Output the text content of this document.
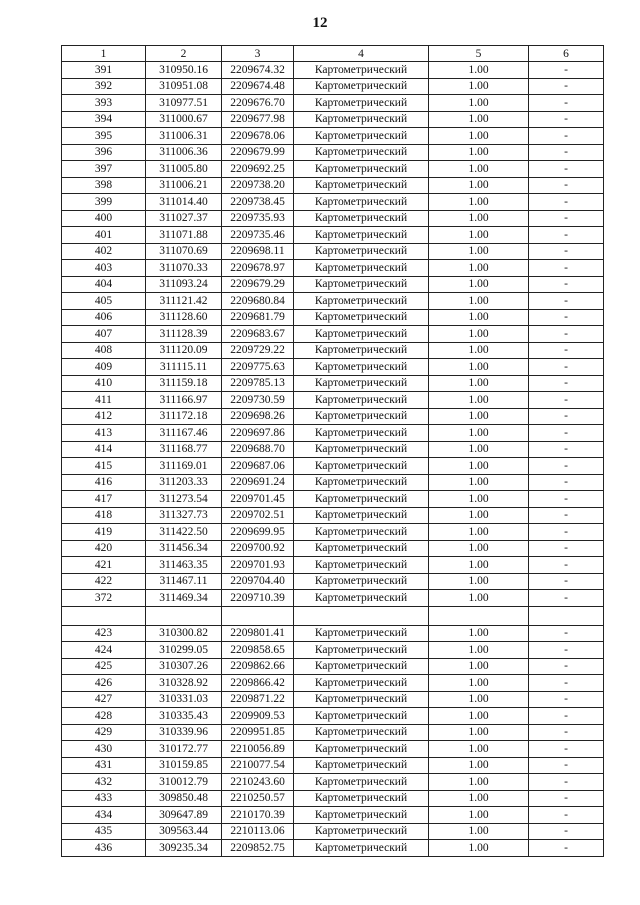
12
1	2	3	4	5	6
391	310950.16	2209674.32	Картометрический	1.00	-
392	310951.08	2209674.48	Картометрический	1.00	-
393	310977.51	2209676.70	Картометрический	1.00	-
394	311000.67	2209677.98	Картометрический	1.00	-
395	311006.31	2209678.06	Картометрический	1.00	-
396	311006.36	2209679.99	Картометрический	1.00	-
397	311005.80	2209692.25	Картометрический	1.00	-
398	311006.21	2209738.20	Картометрический	1.00	-
399	311014.40	2209738.45	Картометрический	1.00	-
400	311027.37	2209735.93	Картометрический	1.00	-
401	311071.88	2209735.46	Картометрический	1.00	-
402	311070.69	2209698.11	Картометрический	1.00	-
403	311070.33	2209678.97	Картометрический	1.00	-
404	311093.24	2209679.29	Картометрический	1.00	-
405	311121.42	2209680.84	Картометрический	1.00	-
406	311128.60	2209681.79	Картометрический	1.00	-
407	311128.39	2209683.67	Картометрический	1.00	-
408	311120.09	2209729.22	Картометрический	1.00	-
409	311115.11	2209775.63	Картометрический	1.00	-
410	311159.18	2209785.13	Картометрический	1.00	-
411	311166.97	2209730.59	Картометрический	1.00	-
412	311172.18	2209698.26	Картометрический	1.00	-
413	311167.46	2209697.86	Картометрический	1.00	-
414	311168.77	2209688.70	Картометрический	1.00	-
415	311169.01	2209687.06	Картометрический	1.00	-
416	311203.33	2209691.24	Картометрический	1.00	-
417	311273.54	2209701.45	Картометрический	1.00	-
418	311327.73	2209702.51	Картометрический	1.00	-
419	311422.50	2209699.95	Картометрический	1.00	-
420	311456.34	2209700.92	Картометрический	1.00	-
421	311463.35	2209701.93	Картометрический	1.00	-
422	311467.11	2209704.40	Картометрический	1.00	-
372	311469.34	2209710.39	Картометрический	1.00	-

423	310300.82	2209801.41	Картометрический	1.00	-
424	310299.05	2209858.65	Картометрический	1.00	-
425	310307.26	2209862.66	Картометрический	1.00	-
426	310328.92	2209866.42	Картометрический	1.00	-
427	310331.03	2209871.22	Картометрический	1.00	-
428	310335.43	2209909.53	Картометрический	1.00	-
429	310339.96	2209951.85	Картометрический	1.00	-
430	310172.77	2210056.89	Картометрический	1.00	-
431	310159.85	2210077.54	Картометрический	1.00	-
432	310012.79	2210243.60	Картометрический	1.00	-
433	309850.48	2210250.57	Картометрический	1.00	-
434	309647.89	2210170.39	Картометрический	1.00	-
435	309563.44	2210113.06	Картометрический	1.00	-
436	309235.34	2209852.75	Картометрический	1.00	-
